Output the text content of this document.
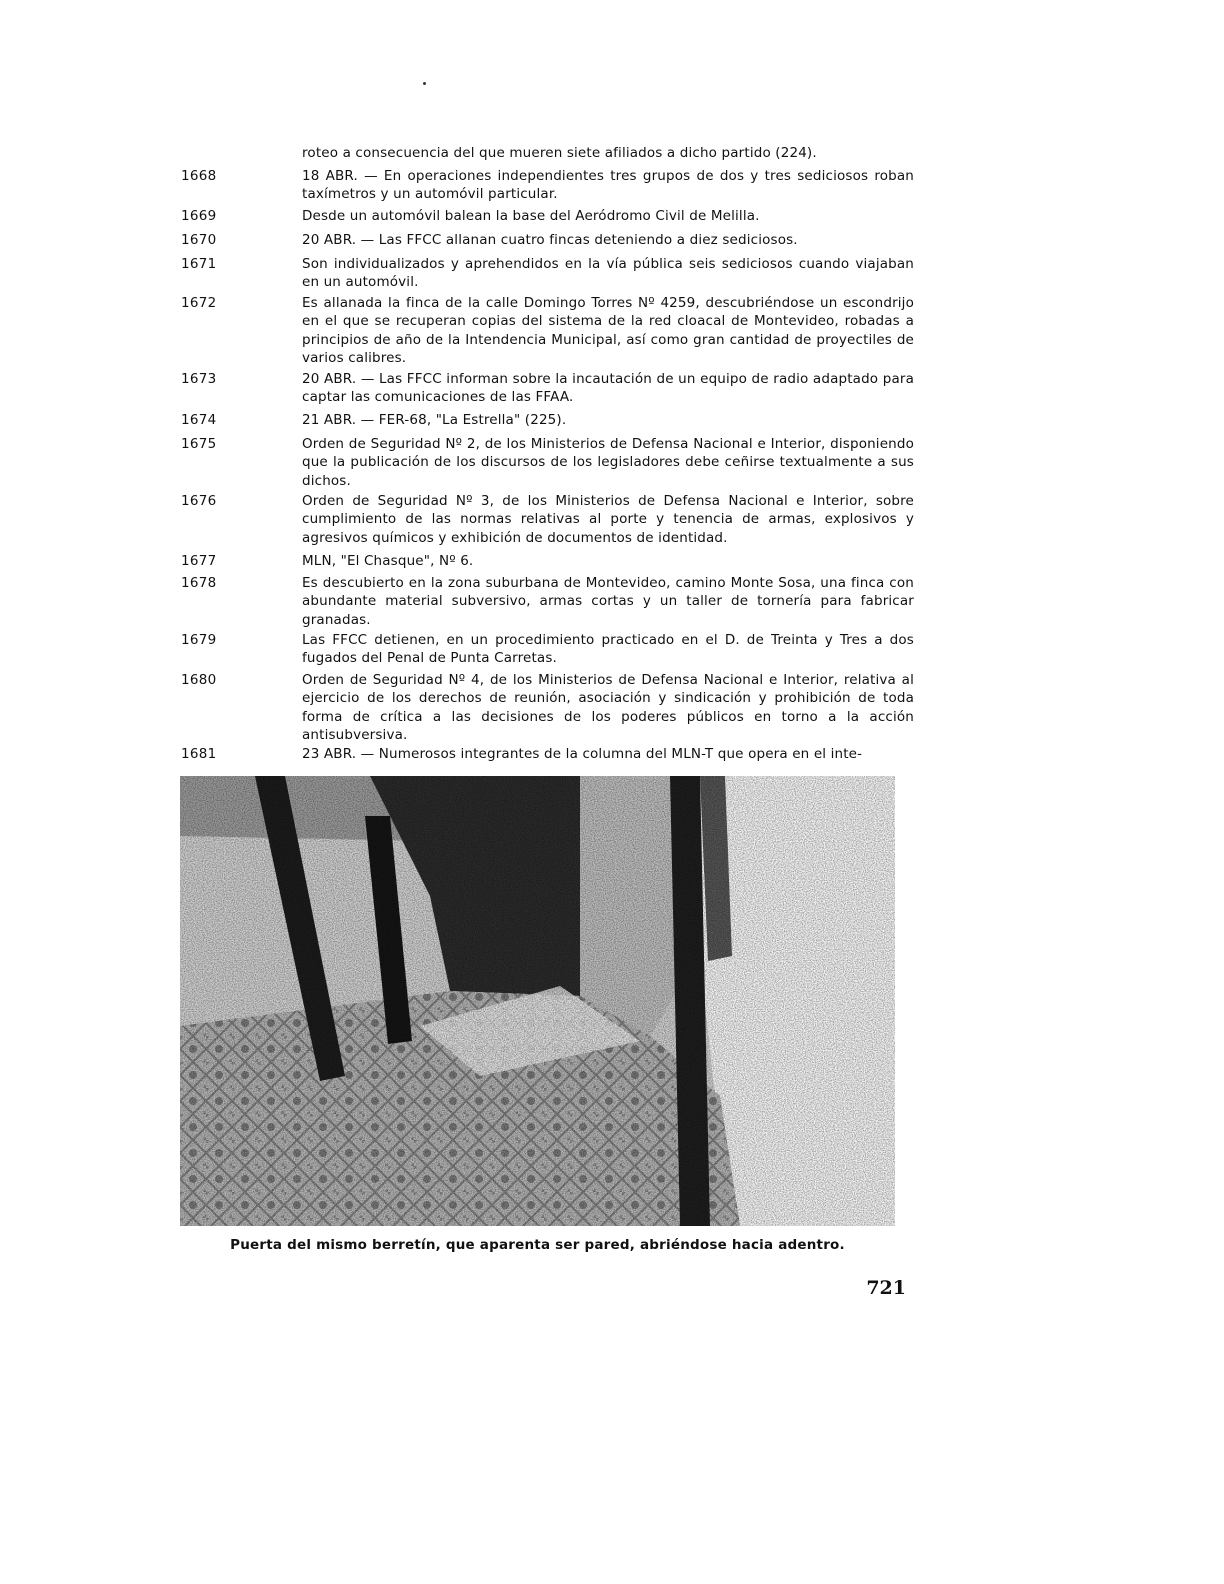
roteo a consecuencia del que mueren siete afiliados a dicho partido (224).
1668	18 ABR. — En operaciones independientes tres grupos de dos y tres sediciosos roban taxímetros y un automóvil particular.
1669	Desde un automóvil balean la base del Aeródromo Civil de Melilla.
1670	20 ABR. — Las FFCC allanan cuatro fincas deteniendo a diez sediciosos.
1671	Son individualizados y aprehendidos en la vía pública seis sediciosos cuando viajaban en un automóvil.
1672	Es allanada la finca de la calle Domingo Torres Nº 4259, descubriéndose un escondrijo en el que se recuperan copias del sistema de la red cloacal de Montevideo, robadas a principios de año de la Intendencia Municipal, así como gran cantidad de proyectiles de varios calibres.
1673	20 ABR. — Las FFCC informan sobre la incautación de un equipo de radio adaptado para captar las comunicaciones de las FFAA.
1674	21 ABR. — FER-68, "La Estrella" (225).
1675	Orden de Seguridad Nº 2, de los Ministerios de Defensa Nacional e Interior, disponiendo que la publicación de los discursos de los legisladores debe ceñirse textualmente a sus dichos.
1676	Orden de Seguridad Nº 3, de los Ministerios de Defensa Nacional e Interior, sobre cumplimiento de las normas relativas al porte y tenencia de armas, explosivos y agresivos químicos y exhibición de documentos de identidad.
1677	MLN, "El Chasque", Nº 6.
1678	Es descubierto en la zona suburbana de Montevideo, camino Monte Sosa, una finca con abundante material subversivo, armas cortas y un taller de tornería para fabricar granadas.
1679	Las FFCC detienen, en un procedimiento practicado en el D. de Treinta y Tres a dos fugados del Penal de Punta Carretas.
1680	Orden de Seguridad Nº 4, de los Ministerios de Defensa Nacional e Interior, relativa al ejercicio de los derechos de reunión, asociación y sindicación y prohibición de toda forma de crítica a las decisiones de los poderes públicos en torno a la acción antisubversiva.
1681	23 ABR. — Numerosos integrantes de la columna del MLN-T que opera en el inte-
Puerta del mismo berretín, que aparenta ser pared, abriéndose hacia adentro.
721
